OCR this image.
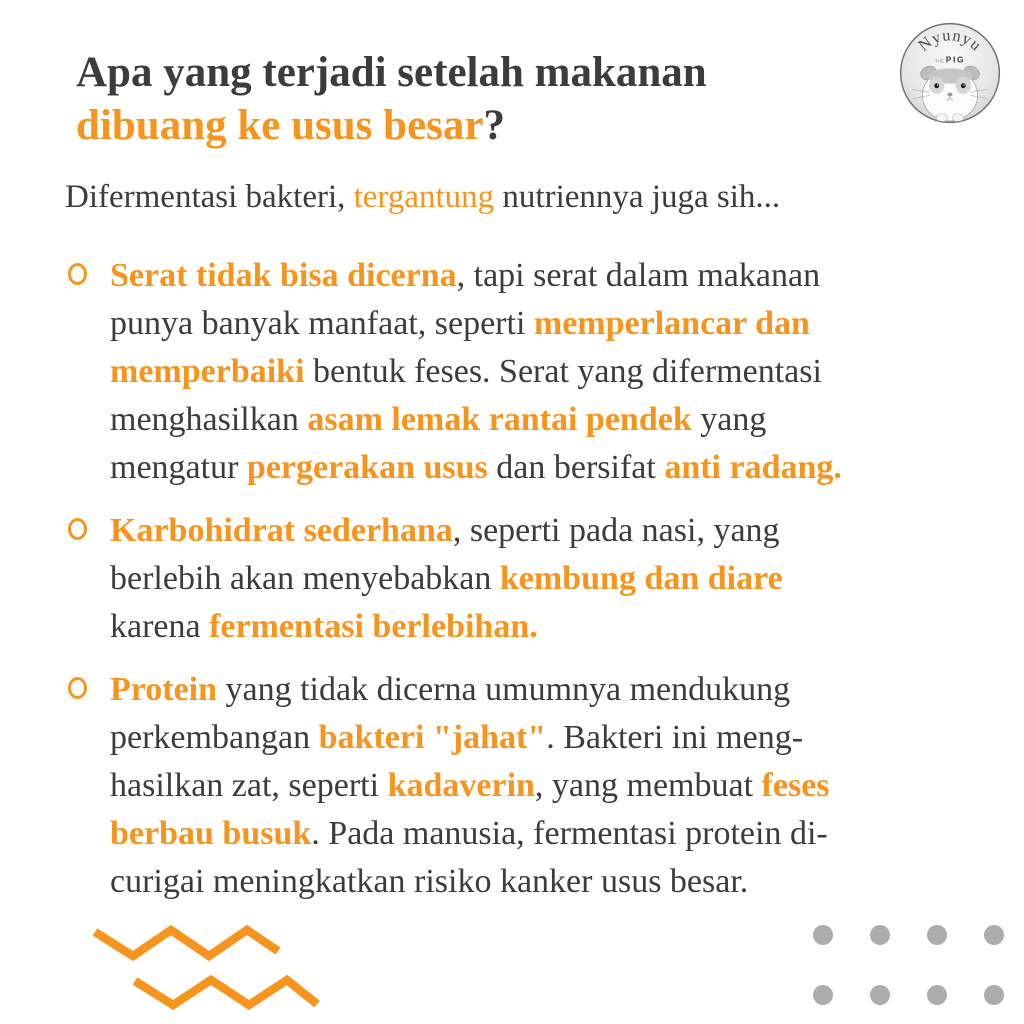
Nyunyu
THE PIG
Apa yang terjadi setelah makanan
dibuang ke usus besar?

Difermentasi bakteri, tergantung nutriennya juga sih...

Serat tidak bisa dicerna, tapi serat dalam makanan
punya banyak manfaat, seperti memperlancar dan
memperbaiki bentuk feses. Serat yang difermentasi
menghasilkan asam lemak rantai pendek yang
mengatur pergerakan usus dan bersifat anti radang.
Karbohidrat sederhana, seperti pada nasi, yang
berlebih akan menyebabkan kembung dan diare
karena fermentasi berlebihan.
Protein yang tidak dicerna umumnya mendukung
perkembangan bakteri "jahat". Bakteri ini meng-
hasilkan zat, seperti kadaverin, yang membuat feses
berbau busuk. Pada manusia, fermentasi protein di-
curigai meningkatkan risiko kanker usus besar.
